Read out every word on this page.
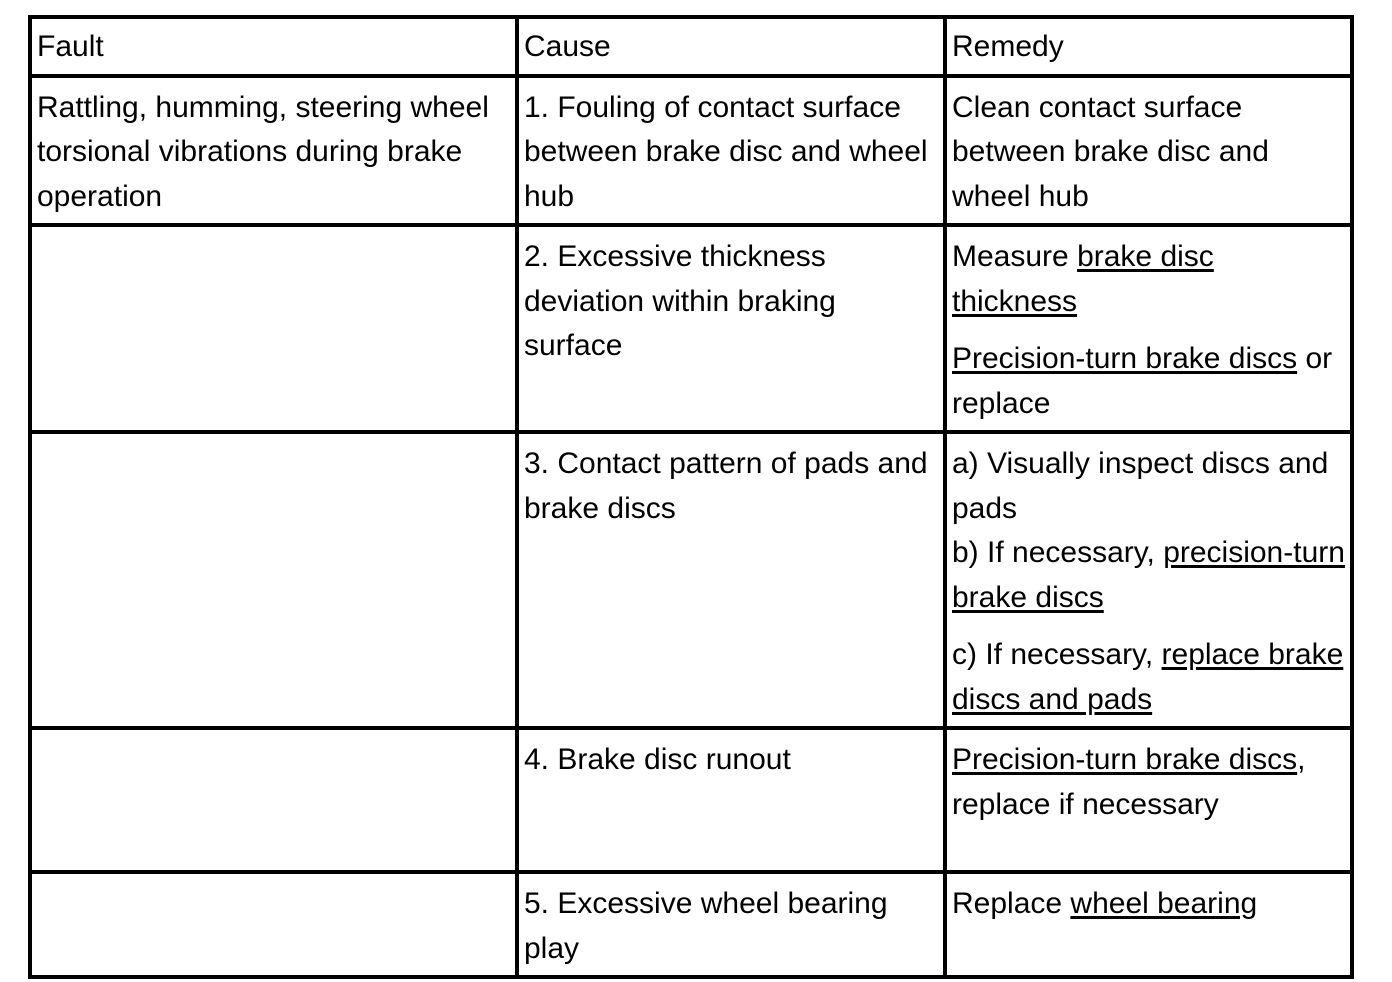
Fault	Cause	Remedy
Rattling, humming, steering wheel torsional vibrations during brake operation	1. Fouling of contact surface between brake disc and wheel hub	Clean contact surface between brake disc and wheel hub
	2. Excessive thickness deviation within braking surface	Measure brake disc thickness
Precision-turn brake discs or replace

	3. Contact pattern of pads and brake discs	a) Visually inspect discs and pads
b) If necessary, precision-turn brake discs
c) If necessary, replace brake discs and pads

	4. Brake disc runout	Precision-turn brake discs, replace if necessary
	5. Excessive wheel bearing play	Replace wheel bearing
